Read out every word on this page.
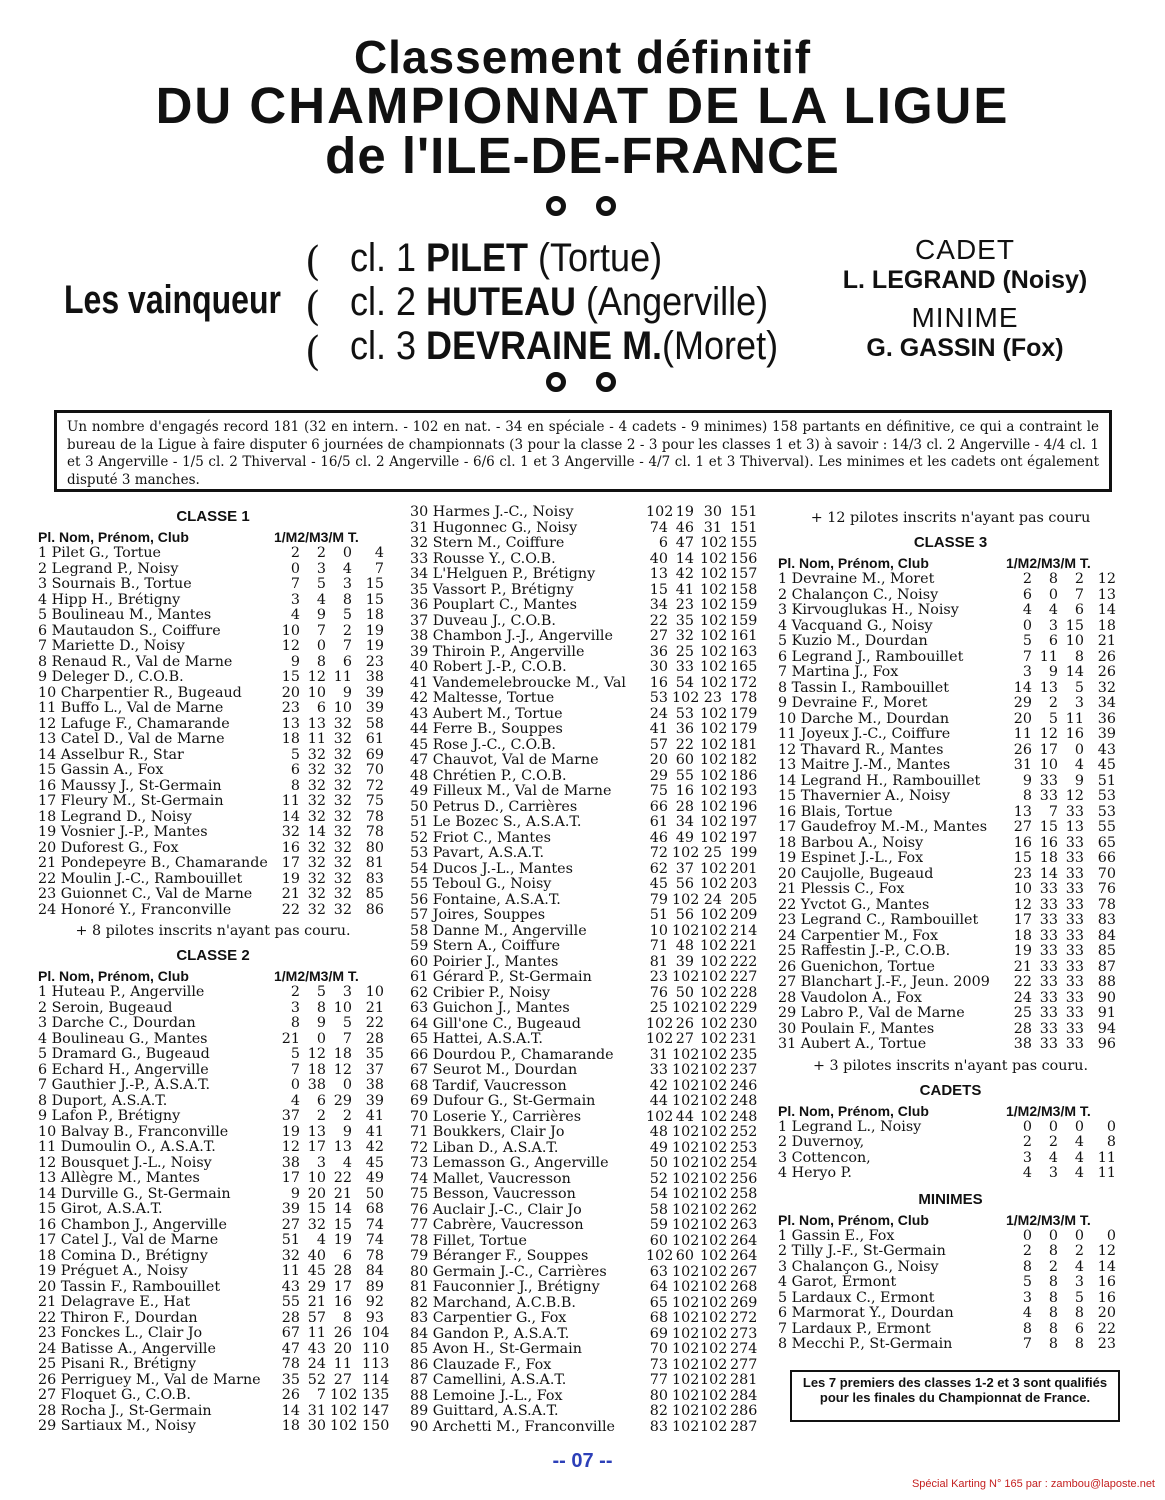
Classement définitif
DU CHAMPIONNAT DE LA LIGUE
de l'ILE-DE-FRANCE
Les vainqueur
(
(
(
cl. 1 PILET (Tortue)
cl. 2 HUTEAU (Angerville)
cl. 3 DEVRAINE M.(Moret)
CADET
L. LEGRAND (Noisy)
MINIME
G. GASSIN (Fox)
Un nombre d'engagés record 181 (32 en intern. - 102 en nat. - 34 en spéciale - 4 cadets - 9 minimes) 158 partants en définitive, ce qui a contraint le bureau de la Ligue à faire disputer 6 journées de championnats (3 pour la classe 2 - 3 pour les classes 1 et 3) à savoir : 14/3 cl. 2 Angerville - 4/4 cl. 1 et 3 Angerville - 1/5 cl. 2 Thiverval - 16/5 cl. 2 Angerville - 6/6 cl. 1 et 3 Angerville - 4/7 cl. 1 et 3 Thiverval). Les minimes et les cadets ont également disputé 3 manches.
CLASSE 1
Pl. Nom, Prénom, Club	1/M2/M3/M T.
1 Pilet G., Tortue	2	2	0	4
2 Legrand P., Noisy	0	3	4	7
3 Sournais B., Tortue	7	5	3 15
4 Hipp H., Brétigny	3	4	8 15
5 Boulineau M., Mantes	4	9	5 18
6 Mautaudon S., Coiffure	10	7	2 19
7 Mariette D., Noisy	12	0	7 19
8 Renaud R., Val de Marne	9	8	6 23
9 Deleger D., C.O.B.	15 12 11 38
10 Charpentier R., Bugeaud	20 10	9 39
11 Buffo L., Val de Marne	23	6 10 39
12 Lafuge F., Chamarande	13 13 32 58
13 Catel D., Val de Marne	18 11 32 61
14 Asselbur R., Star	5 32 32 69
15 Gassin A., Fox	6 32 32 70
16 Maussy J., St-Germain	8 32 32 72
17 Fleury M., St-Germain	11 32 32 75
18 Legrand D., Noisy	14 32 32 78
19 Vosnier J.-P., Mantes	32 14 32 78
20 Duforest G., Fox	16 32 32 80
21 Pondepeyre B., Chamarande 17 32 32 81
22 Moulin J.-C., Rambouillet	19 32 32 83
23 Guionnet C., Val de Marne 21 32 32 85
24 Honoré Y., Franconville	22 32 32 86
+ 8 pilotes inscrits n'ayant pas couru.
CLASSE 2
Pl. Nom, Prénom, Club	1/M2/M3/M T.
1 Huteau P., Angerville	2	5	3 10
2 Seroin, Bugeaud	3	8 10 21
3 Darche C., Dourdan	8	9	5 22
4 Boulineau G., Mantes	21	0	7 28
5 Dramard G., Bugeaud	5 12 18 35
6 Echard H., Angerville	7 18 12 37
7 Gauthier J.-P., A.S.A.T.	0 38	0 38
8 Duport, A.S.A.T.	4	6 29 39
9 Lafon P., Brétigny	37	2	2 41
10 Balvay B., Franconville	19 13	9 41
11 Dumoulin O., A.S.A.T.	12 17 13 42
12 Bousquet J.-L., Noisy	38	3	4 45
13 Allègre M., Mantes	17 10 22 49
14 Durville G., St-Germain	9 20 21 50
15 Girot, A.S.A.T.	39 15 14 68
16 Chambon J., Angerville	27 32 15 74
17 Catel J., Val de Marne	51	4 19 74
18 Comina D., Brétigny	32 40	6 78
19 Préguet A., Noisy	11 45 28 84
20 Tassin F., Rambouillet	43 29 17 89
21 Delagrave E., Hat	55 21 16 92
22 Thiron F., Dourdan	28 57	8 93
23 Fonckes L., Clair Jo	67 11 26 104
24 Batisse A., Angerville	47 43 20 110
25 Pisani R., Brétigny	78 24 11 113
26 Perriguey M., Val de Marne 35 52 27 114
27 Floquet G., C.O.B.	26	7 102 135
28 Rocha J., St-Germain	14 31 102 147
29 Sartiaux M., Noisy	18 30 102 150
30 Harmes J.-C., Noisy	102 19 30 151
31 Hugonnec G., Noisy	74 46 31 151
32 Stern M., Coiffure	6 47 102 155
33 Rousse Y., C.O.B.	40 14 102 156
34 L'Helguen P., Brétigny	13 42 102 157
35 Vassort P., Brétigny	15 41 102 158
36 Pouplart C., Mantes	34 23 102 159
37 Duveau J., C.O.B.	22 35 102 159
38 Chambon J.-J., Angerville	27 32 102 161
39 Thiroin P., Angerville	36 25 102 163
40 Robert J.-P., C.O.B.	30 33 102 165
41 Vandemelebroucke M., Val 16 54 102 172
42 Maltesse, Tortue	53 102 23 178
43 Aubert M., Tortue	24 53 102 179
44 Ferre B., Souppes	41 36 102 179
45 Rose J.-C., C.O.B.	57 22 102 181
47 Chauvot, Val de Marne	20 60 102 182
48 Chrétien P., C.O.B.	29 55 102 186
49 Filleux M., Val de Marne	75 16 102 193
50 Petrus D., Carrières	66 28 102 196
51 Le Bozec S., A.S.A.T.	61 34 102 197
52 Friot C., Mantes	46 49 102 197
53 Pavart, A.S.A.T.	72 102 25 199
54 Ducos J.-L., Mantes	62 37 102 201
55 Teboul G., Noisy	45 56 102 203
56 Fontaine, A.S.A.T.	79 102 24 205
57 Joires, Souppes	51 56 102 209
58 Danne M., Angerville	10 102 102 214
59 Stern A., Coiffure	71 48 102 221
60 Poirier J., Mantes	81 39 102 222
61 Gérard P., St-Germain	23 102 102 227
62 Cribier P., Noisy	76 50 102 228
63 Guichon J., Mantes	25 102 102 229
64 Gill'one C., Bugeaud	102 26 102 230
65 Hattei, A.S.A.T.	102 27 102 231
66 Dourdou P., Chamarande	31 102 102 235
67 Seurot M., Dourdan	33 102 102 237
68 Tardif, Vaucresson	42 102 102 246
69 Dufour G., St-Germain	44 102 102 248
70 Loserie Y., Carrières	102 44 102 248
71 Boukkers, Clair Jo	48 102 102 252
72 Liban D., A.S.A.T.	49 102 102 253
73 Lemasson G., Angerville	50 102 102 254
74 Mallet, Vaucresson	52 102 102 256
75 Besson, Vaucresson	54 102 102 258
76 Auclair J.-C., Clair Jo	58 102 102 262
77 Cabrère, Vaucresson	59 102 102 263
78 Fillet, Tortue	60 102 102 264
79 Béranger F., Souppes	102 60 102 264
80 Germain J.-C., Carrières	63 102 102 267
81 Fauconnier J., Brétigny	64 102 102 268
82 Marchand, A.C.B.B.	65 102 102 269
83 Carpentier G., Fox	68 102 102 272
84 Gandon P., A.S.A.T.	69 102 102 273
85 Avon H., St-Germain	70 102 102 274
86 Clauzade F., Fox	73 102 102 277
87 Camellini, A.S.A.T.	77 102 102 281
88 Lemoine J.-L., Fox	80 102 102 284
89 Guittard, A.S.A.T.	82 102 102 286
90 Archetti M., Franconville 83 102 102 287
+ 12 pilotes inscrits n'ayant pas couru
CLASSE 3
Pl. Nom, Prénom, Club	1/M2/M3/M T.
1 Devraine M., Moret	2	8	2 12
2 Chalançon C., Noisy	6	0	7 13
3 Kirvouglukas H., Noisy	4	4	6 14
4 Vacquand G., Noisy	0	3 15 18
5 Kuzio M., Dourdan	5	6 10 21
6 Legrand J., Rambouillet	7 11	8 26
7 Martina J., Fox	3	9 14 26
8 Tassin I., Rambouillet	14 13	5 32
9 Devraine F., Moret	29	2	3 34
10 Darche M., Dourdan	20	5 11 36
11 Joyeux J.-C., Coiffure	11 12 16 39
12 Thavard R., Mantes	26 17	0 43
13 Maitre J.-M., Mantes	31 10	4 45
14 Legrand H., Rambouillet	9 33	9 51
15 Thavernier A., Noisy	8 33 12 53
16 Blais, Tortue	13	7 33 53
17 Gaudefroy M.-M., Mantes 27 15 13 55
18 Barbou A., Noisy	16 16 33 65
19 Espinet J.-L., Fox	15 18 33 66
20 Caujolle, Bugeaud	23 14 33 70
21 Plessis C., Fox	10 33 33 76
22 Yvctot G., Mantes	12 33 33 78
23 Legrand C., Rambouillet 17 33 33 83
24 Carpentier M., Fox	18 33 33 84
25 Raffestin J.-P., C.O.B.	19 33 33 85
26 Guenichon, Tortue	21 33 33 87
27 Blanchart J.-F., Jeun. 2009 22 33 33 88
28 Vaudolon A., Fox	24 33 33 90
29 Labro P., Val de Marne	25 33 33 91
30 Poulain F., Mantes	28 33 33 94
31 Aubert A., Tortue	38 33 33 96
+ 3 pilotes inscrits n'ayant pas couru.
CADETS
Pl. Nom, Prénom, Club	1/M2/M3/M T.
1 Legrand L., Noisy	0	0	0	0
2 Duvernoy,	2	2	4	8
3 Cottencon,	3	4	4 11
4 Heryo P.	4	3	4 11
MINIMES
Pl. Nom, Prénom, Club	1/M2/M3/M T.
1 Gassin E., Fox	0	0	0	0
2 Tilly J.-F., St-Germain	2	8	2 12
3 Chalançon G., Noisy	8	2	4 14
4 Garot, Ermont	5	8	3 16
5 Lardaux C., Ermont	3	8	5 16
6 Marmorat Y., Dourdan	4	8	8 20
7 Lardaux P., Ermont	8	8	6 22
8 Mecchi P., St-Germain	7	8	8 23
Les 7 premiers des classes 1-2 et 3 sont qualifiés pour les finales du Championnat de France.
-- 07 --
Spécial Karting N° 165 par : zambou@laposte.net
